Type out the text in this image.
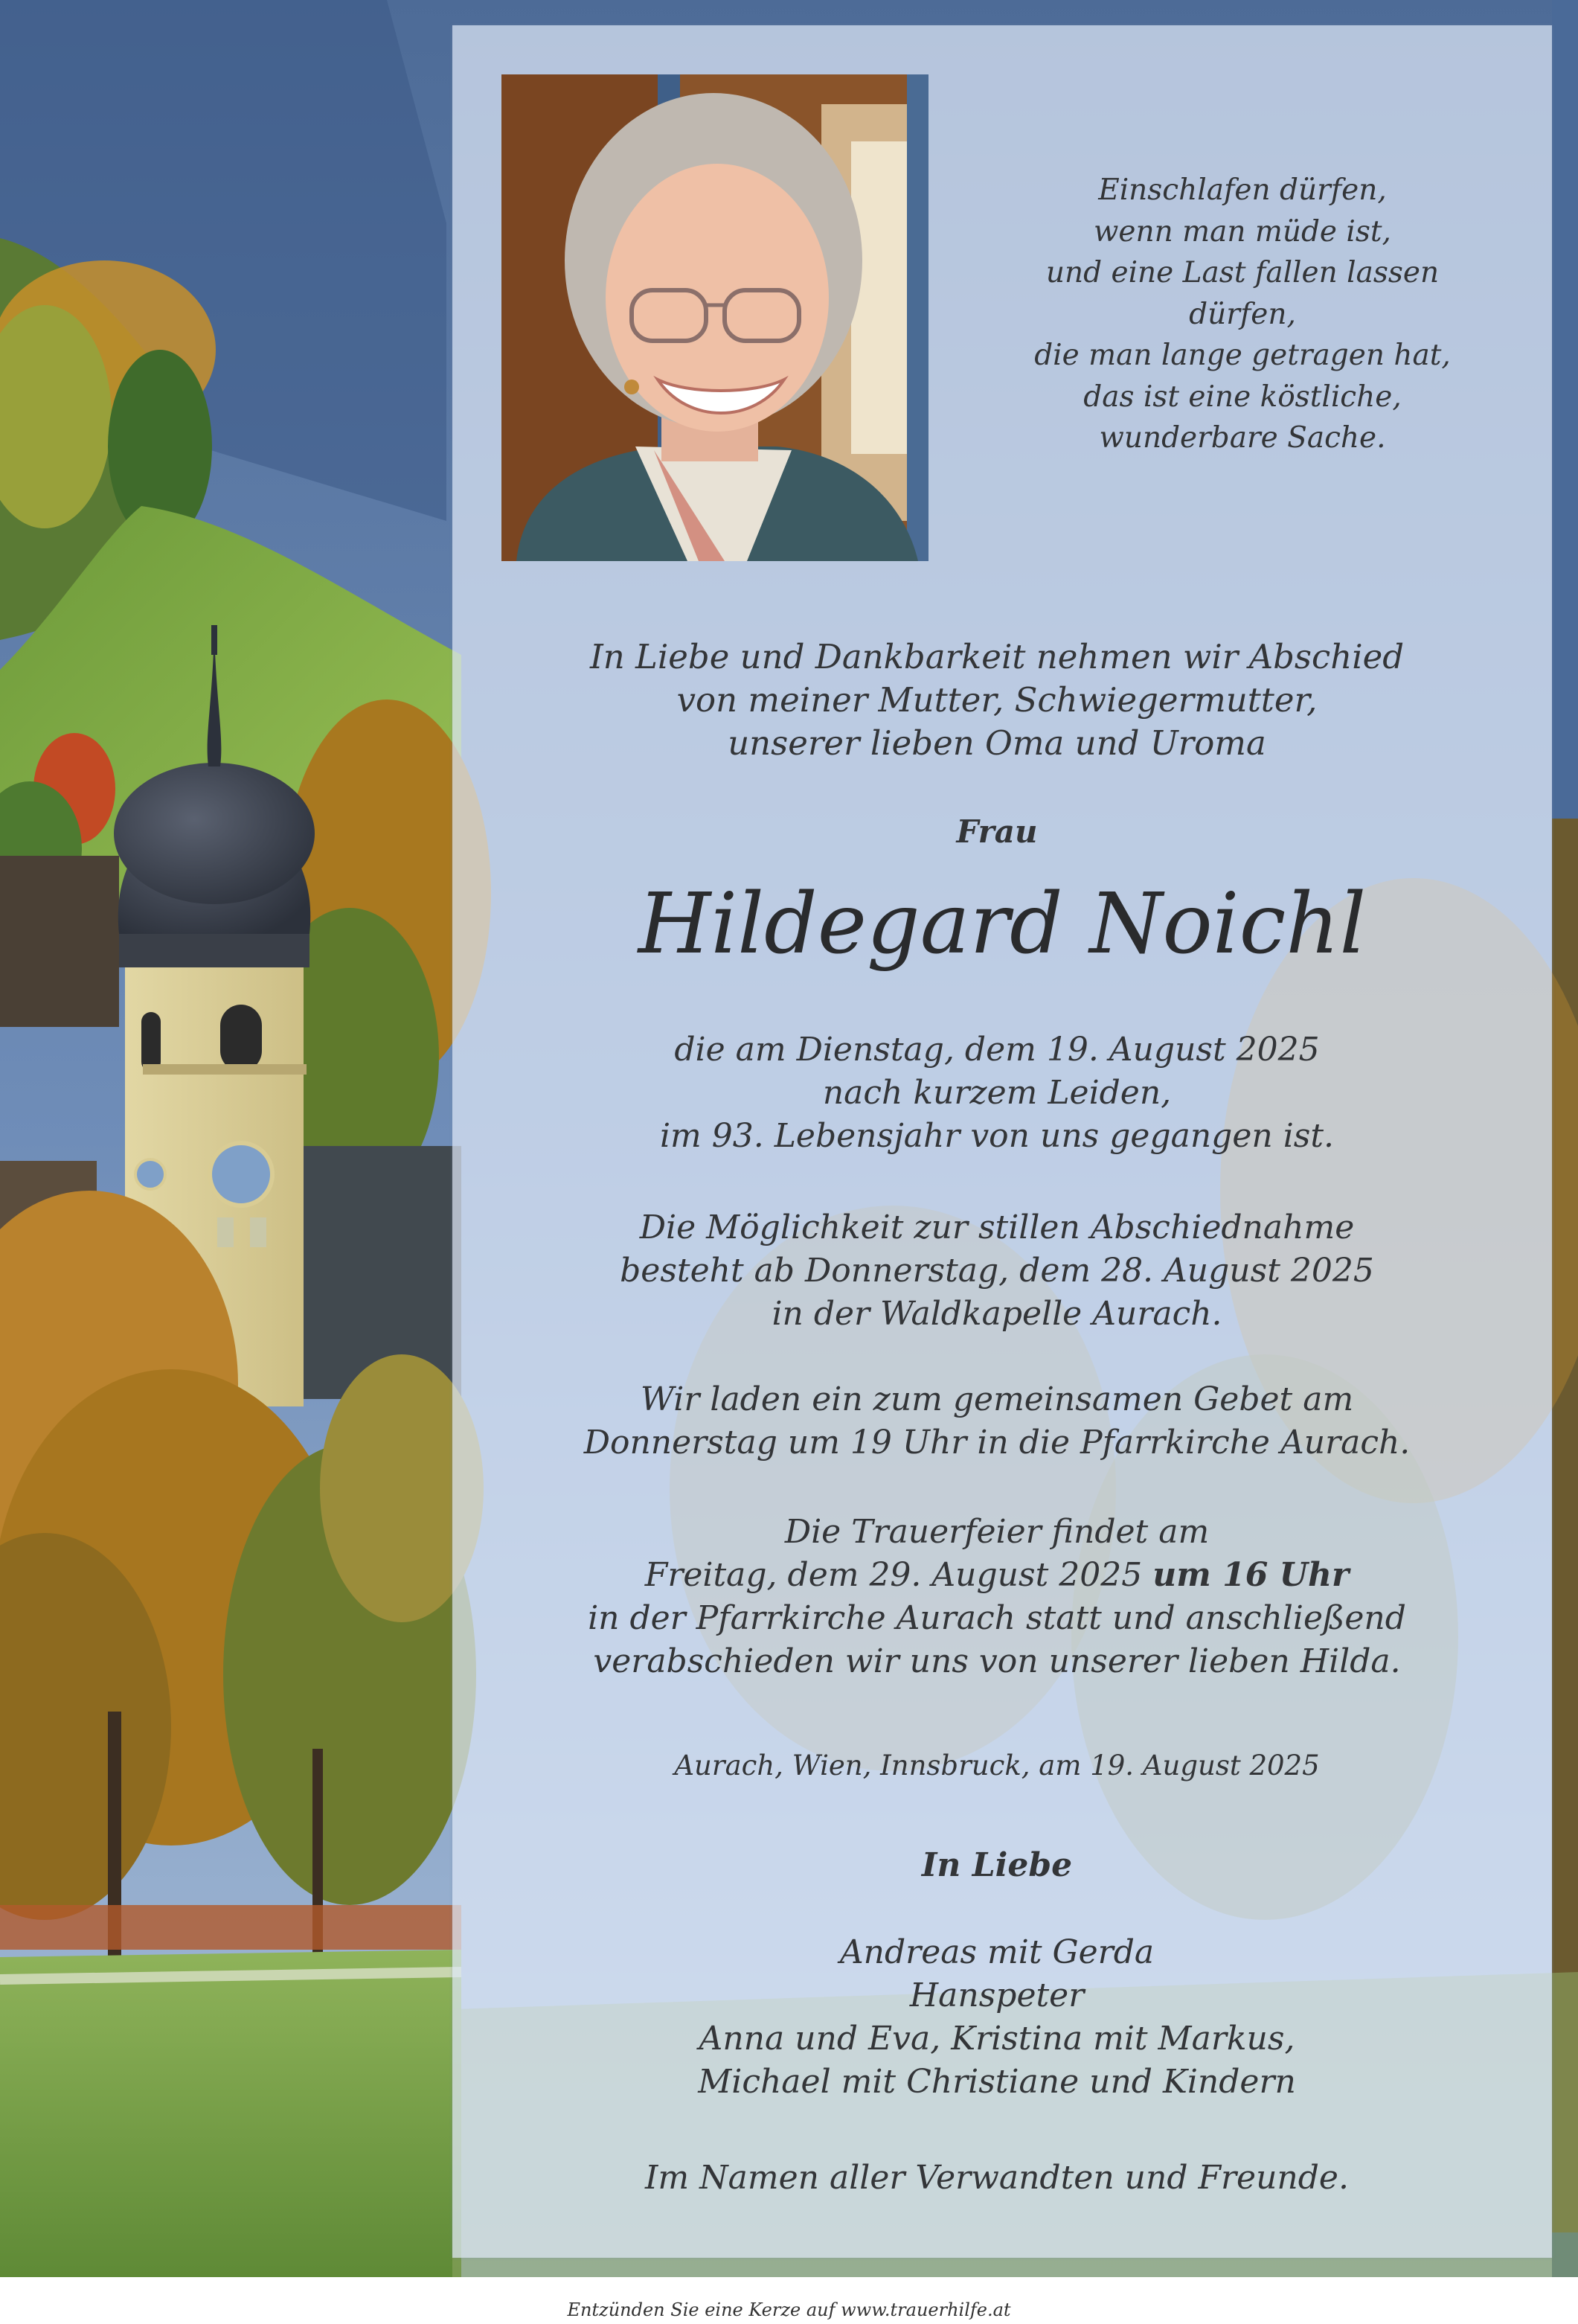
Einschlafen dürfen,
wenn man müde ist,
und eine Last fallen lassen
dürfen,
die man lange getragen hat,
das ist eine köstliche,
wunderbare Sache.
In Liebe und Dankbarkeit nehmen wir Abschied
von meiner Mutter, Schwiegermutter,
unserer lieben Oma und Uroma
Frau
Hildegard Noichl
die am Dienstag, dem 19. August 2025
nach kurzem Leiden,
im 93. Lebensjahr von uns gegangen ist.
Die Möglichkeit zur stillen Abschiednahme
besteht ab Donnerstag, dem 28. August 2025
in der Waldkapelle Aurach.
Wir laden ein zum gemeinsamen Gebet am
Donnerstag um 19 Uhr in die Pfarrkirche Aurach.
Die Trauerfeier findet am
Freitag, dem 29. August 2025 um 16 Uhr
in der Pfarrkirche Aurach statt und anschließend
verabschieden wir uns von unserer lieben Hilda.
Aurach, Wien, Innsbruck, am 19. August 2025
In Liebe
Andreas mit Gerda
Hanspeter
Anna und Eva, Kristina mit Markus,
Michael mit Christiane und Kindern
Im Namen aller Verwandten und Freunde.
Entzünden Sie eine Kerze auf www.trauerhilfe.at
